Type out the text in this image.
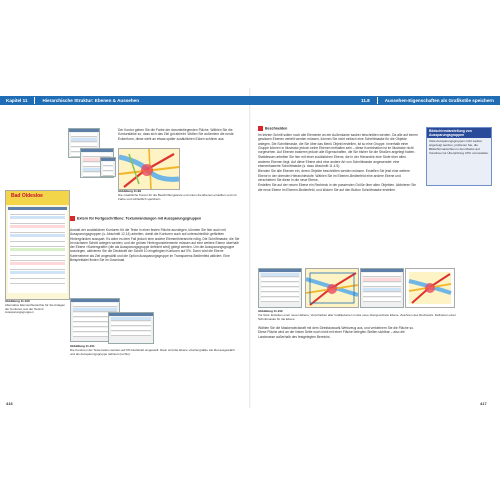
Kapitel 11	Hierarchische Struktur: Ebenen & Aussehen	11.8	Aussehen-Eigenschaften als Grafikstile speichern

Der Kontur geben Sie die Farbe der darunterliegenden Fläche. Wählen Sie die Konturstärke so, dass sich das Ziel gut abhebt. Wollen Sie außerdem die runde Eckenform, diese sieht an etwas später zusätzlichen Ecken schöner aus.

Abbildung 11.99
Die zusätzliche Kontur für die Beschriftungstexte und unten die Ebenen erstellten und mit Farbe und schließlich speichern.
Bad Oldesloe
Abbildung 11.100
Alternative Elementhierarchie für die Anlagen der Konturen aus der Textmit Aussparungsgruppen
Extern für Fortgeschrittene: Textumrandungen mit Aussparungsgruppen

Anstatt der zusätzlichen Konturen für die Texte in einer festen Fläche anzulegen, könnten Sie hier auch mit Aussparungsgruppen (s. Abschnitt 12.14) arbeiten, damit die Konturen auch auf unterschiedlich gefärbten Hintergründen ausspart. Es wäre es dem Fall jedoch eine andere Elementhierarchie nötig. Die Schriftmaske, die Sie im nächsten Schritt anlegen werden, und die grünen Hintergrundelemente müssen auf eine weitere Ebene oberhalb der Ebene »Kartengrafik« (die als Aussparungsgruppe definiert wird) gelegt werden. Um die Aussparungsgruppe anzulegen, aktivieren Sie die Deckkraft der Schrift 10 eingelegten Konturen auf 0%. Dann wird die Ebene Kartenebene als Ziel angewählt und die Option Aussparungsgruppe im Transparenz-Bedienfeld aktiviert. Eine Beispieldatei finden Sie im Download.

Abbildung 11.101
Die Konturen der Texte laufen werden auf 0% Deckkraft eingestellt. Dann wird die Ebene »Kartengrafik« als Ziel ausgewählt und als Aussparungsgruppe definiert (rechts).
416
Beschneiden

Im letzten Schritt sollen noch alle Elemente an der Außenkante sauber beschnitten werden. Da alle auf einem gewissen Ebenen verteilt werden müssen, können Sie nicht einfach eine Schnittmaske für die Objekte anlegen. Die Schnittmaske, die Sie über das Menü Objekt erstellen, ist so eine Gruppe. Innerhalb einer Gruppe können in Illustrator jedoch keine Ebenen enthalten sein – diese Kombination ist im Illustrator nicht vorgesehen. Auf Ebenen basieren jedoch alle Eigenschaften, die Sie bisher für die Straßen angelegt haben.

Stattdessen arbeiten Sie hier mit einer zusätzlichen Ebene, die in der Hierarchie eine Stufe über allen anderen Ebenen liegt. Auf diese Ebene wird eine andere Art von Schnittmaske angewendet: eine ebenenbasierte Schnittmaske (s. dazu Abschnitt 11.4.5).

Blenden Sie alle Ebenen ein, deren Objekte beschnitten werden müssen. Erstellen Sie jetzt eine weitere Ebene in der obersten Hierarchiestufe. Wählen Sie im Ebenen-Bedienfeld eine andere Ebene und verschieben Sie diese in die neue Ebene.

Erstellen Sie auf der neuen Ebene ein Rechteck in der passenden Größe über allen Objekten. Aktivieren Sie die neue Ebene im Ebenen-Bedienfeld, und klicken Sie auf den Button Schnittmaske erstellen.

Bildschirmdarstellung von Aussparungsgruppen
Viele Aussparungsgruppen nicht sauber angezeigt werden, probieren Sie, die Bildschirmansichten in den Modus auf Vorschau zur Überprüfung CPU umzustellen.
Abbildung 11.102
Vor links: Erstellen einer neuen Ebene, Verschieben aller Grafikebenen in das neue übergeordnete Ebene. Zeichnen des Rechtecks. Definieren einer Schnittmaske für die Ebene

Wählen Sie die Maskendeckkraft mit dem Direktauswahl-Werkzeug aus, und verkleinern Sie die Fläche so. Diese Fläche wird an der linken Seite noch nicht mit einer Fläche belegten Stellen sichtbar – also die Landmasse außerhalb des festgelegten Bereichs.

417
